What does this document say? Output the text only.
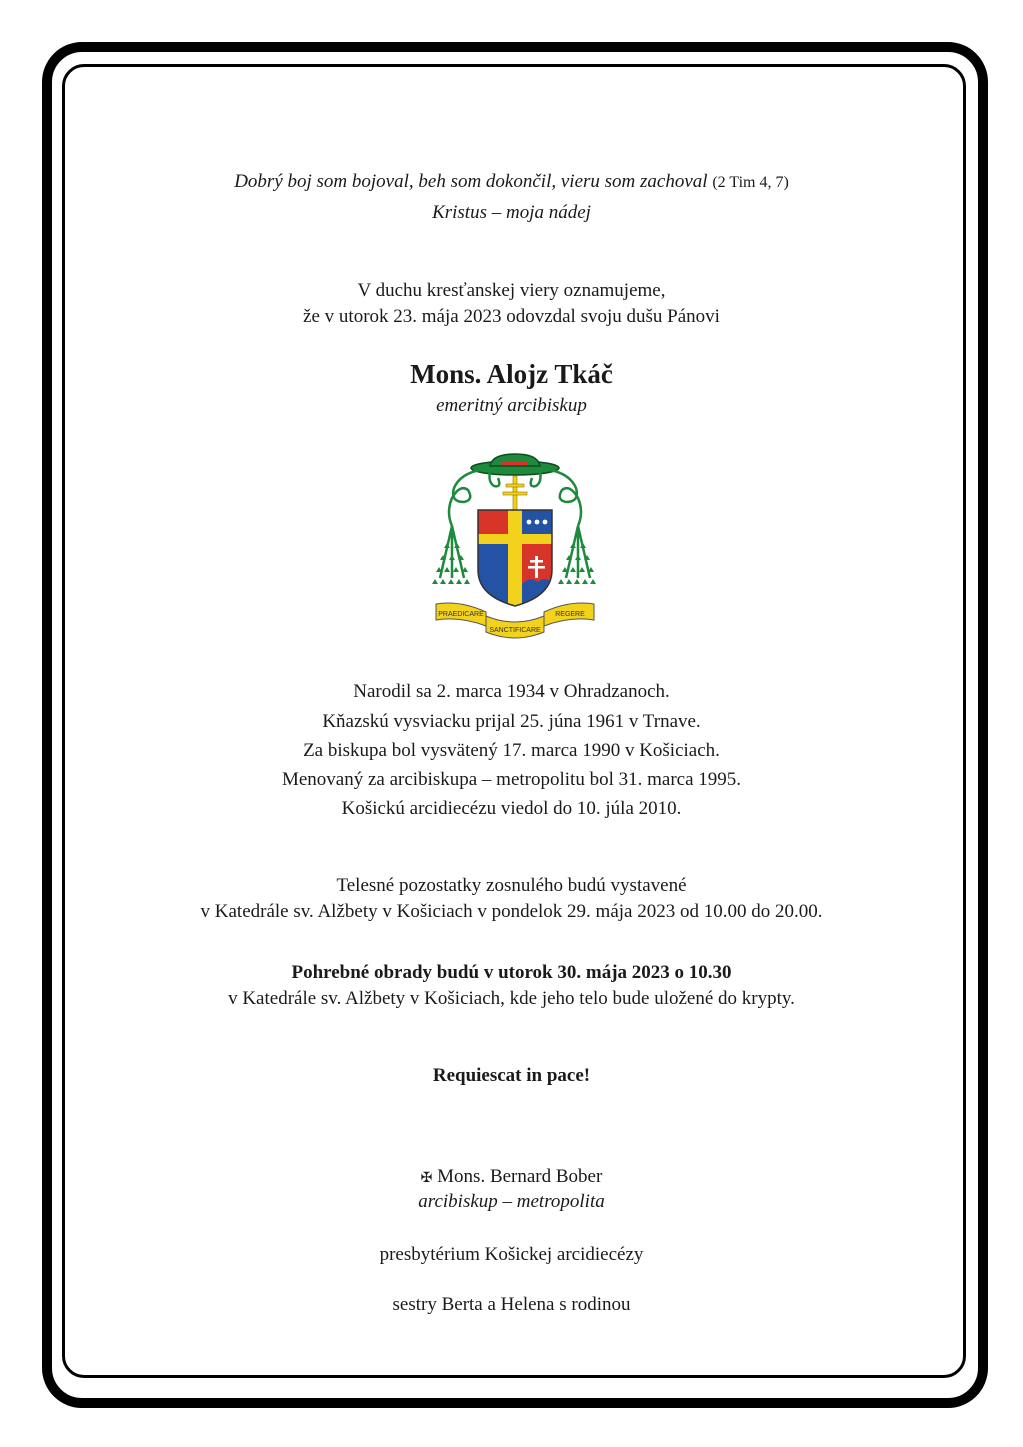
Dobrý boj som bojoval, beh som dokončil, vieru som zachoval (2 Tim 4, 7)
Kristus – moja nádej
V duchu kresťanskej viery oznamujeme,
že v utorok 23. mája 2023 odovzdal svoju dušu Pánovi
Mons. Alojz Tkáč
emeritný arcibiskup
PRAEDICARE
SANCTIFICARE
REGERE
Narodil sa 2. marca 1934 v Ohradzanoch.
Kňazskú vysviacku prijal 25. júna 1961 v Trnave.
Za biskupa bol vysvätený 17. marca 1990 v Košiciach.
Menovaný za arcibiskupa – metropolitu bol 31. marca 1995.
Košickú arcidiecézu viedol do 10. júla 2010.
Telesné pozostatky zosnulého budú vystavené
v Katedrále sv. Alžbety v Košiciach v pondelok 29. mája 2023 od 10.00 do 20.00.
Pohrebné obrady budú v utorok 30. mája 2023 o 10.30
v Katedrále sv. Alžbety v Košiciach, kde jeho telo bude uložené do krypty.
Requiescat in pace!
✠ Mons. Bernard Bober
arcibiskup – metropolita
presbytérium Košickej arcidiecézy
sestry Berta a Helena s rodinou
